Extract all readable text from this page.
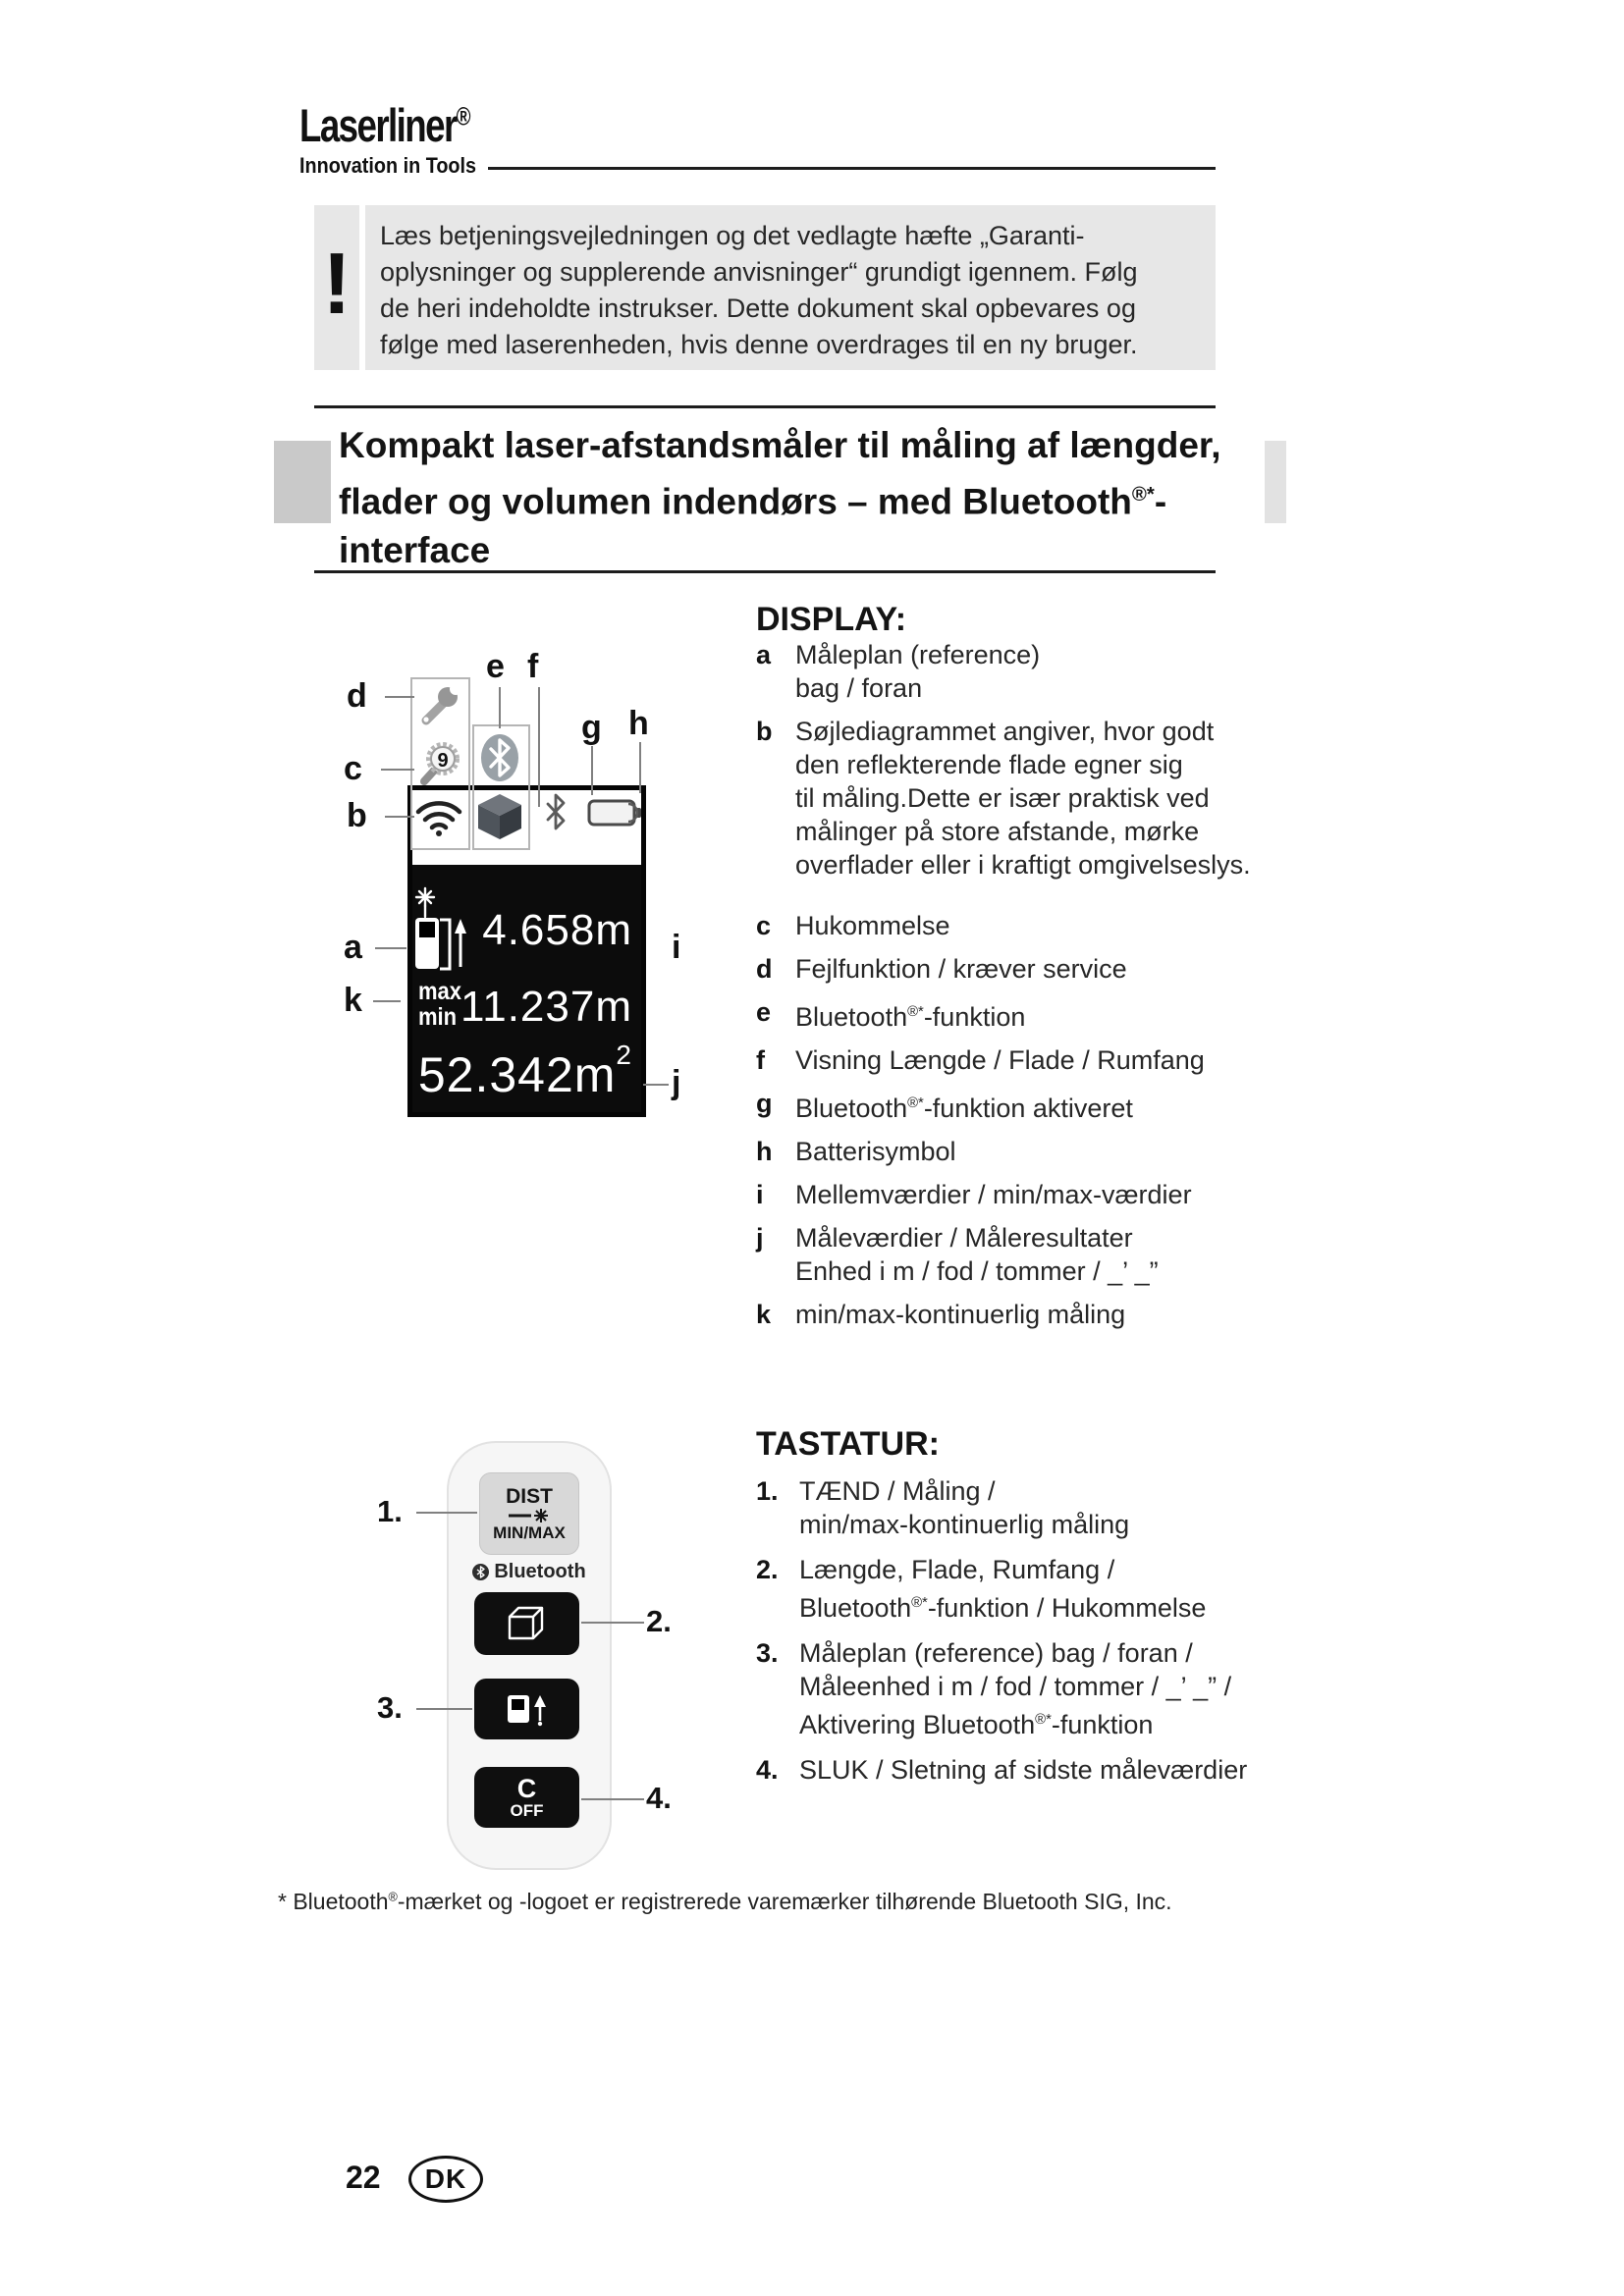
Laserliner®
Innovation in Tools
!	Læs betjeningsvejledningen og det vedlagte hæfte „Garanti-
oplysninger og supplerende anvisninger“ grundigt igennem. Følg
de heri indeholdte instrukser. Dette dokument skal opbevares og
følge med laserenheden, hvis denne overdrages til en ny bruger.
Kompakt laser-afstandsmåler til måling af længder,
flader og volumen indendørs – med Bluetooth®*-
interface
9
max
min
4.658m
11.237m
$52.342m^2$
d
c
b
a
k
e f
g h
i
j
DISPLAY:
a Måleplan (reference)
bag / foran
b Søjlediagrammet angiver, hvor godt
den reflekterende flade egner sig
til måling.Dette er især praktisk ved
målinger på store afstande, mørke
overflader eller i kraftigt omgivelseslys.
c Hukommelse
d Fejlfunktion / kræver service
e Bluetooth®*-funktion
f	Visning Længde / Flade / Rumfang
g Bluetooth®*-funktion aktiveret
h Batterisymbol
i	Mellemværdier / min/max-værdier
j	Måleværdier / Måleresultater
Enhed i m / fod / tommer / _’ _”
k min/max-kontinuerlig måling
DIST
MIN/MAX
Bluetooth
C
OFF
1.
2.
3.
4.
TASTATUR:
1. TÆND / Måling /
min/max-kontinuerlig måling
2. Længde, Flade, Rumfang /
Bluetooth®*-funktion / Hukommelse
3. Måleplan (reference) bag / foran /
Måleenhed i m / fod / tommer / _’ _” /
Aktivering Bluetooth®*-funktion
4. SLUK / Sletning af sidste måleværdier
* Bluetooth®-mærket og -logoet er registrerede varemærker tilhørende Bluetooth SIG, Inc.
22	DK
